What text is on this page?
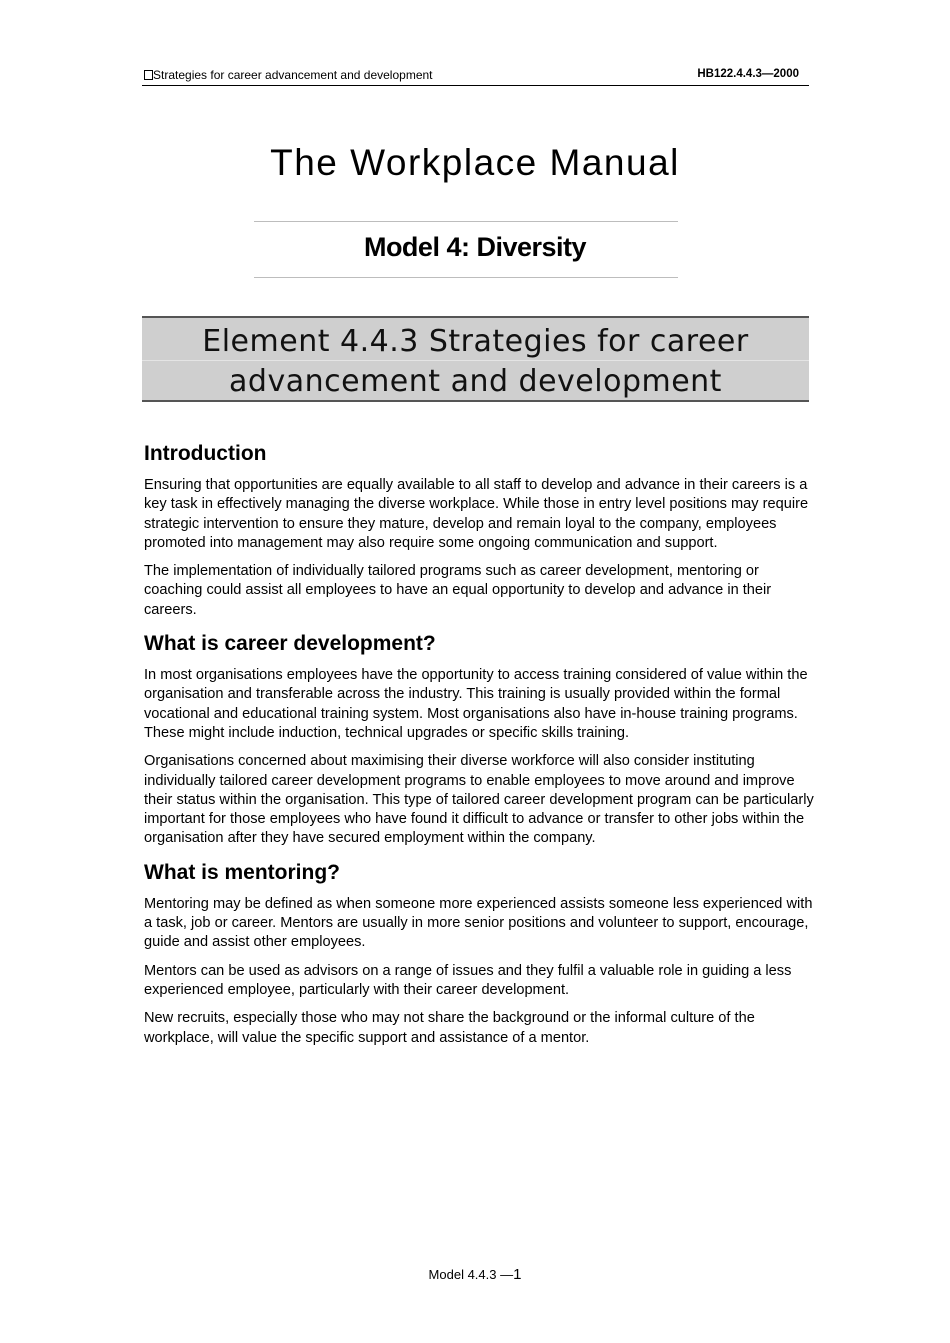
Strategies for career advancement and development	HB122.4.4.3—2000
The Workplace Manual
Model 4: Diversity
Element 4.4.3 Strategies for career
advancement and development
Introduction

Ensuring that opportunities are equally available to all staff to develop and advance in their careers is a key task in effectively managing the diverse workplace. While those in entry level positions may require strategic intervention to ensure they mature, develop and remain loyal to the company, employees promoted into management may also require some ongoing communication and support.

The implementation of individually tailored programs such as career development, mentoring or coaching could assist all employees to have an equal opportunity to develop and advance in their careers.

What is career development?

In most organisations employees have the opportunity to access training considered of value within the organisation and transferable across the industry. This training is usually provided within the formal vocational and educational training system. Most organisations also have in-house training programs. These might include induction, technical upgrades or specific skills training.

Organisations concerned about maximising their diverse workforce will also consider instituting individually tailored career development programs to enable employees to move around and improve their status within the organisation. This type of tailored career development program can be particularly important for those employees who have found it difficult to advance or transfer to other jobs within the organisation after they have secured employment within the company.

What is mentoring?

Mentoring may be defined as when someone more experienced assists someone less experienced with a task, job or career. Mentors are usually in more senior positions and volunteer to support, encourage, guide and assist other employees.

Mentors can be used as advisors on a range of issues and they fulfil a valuable role in guiding a less experienced employee, particularly with their career development.

New recruits, especially those who may not share the background or the informal culture of the workplace, will value the specific support and assistance of a mentor.

Model 4.4.3 —1
